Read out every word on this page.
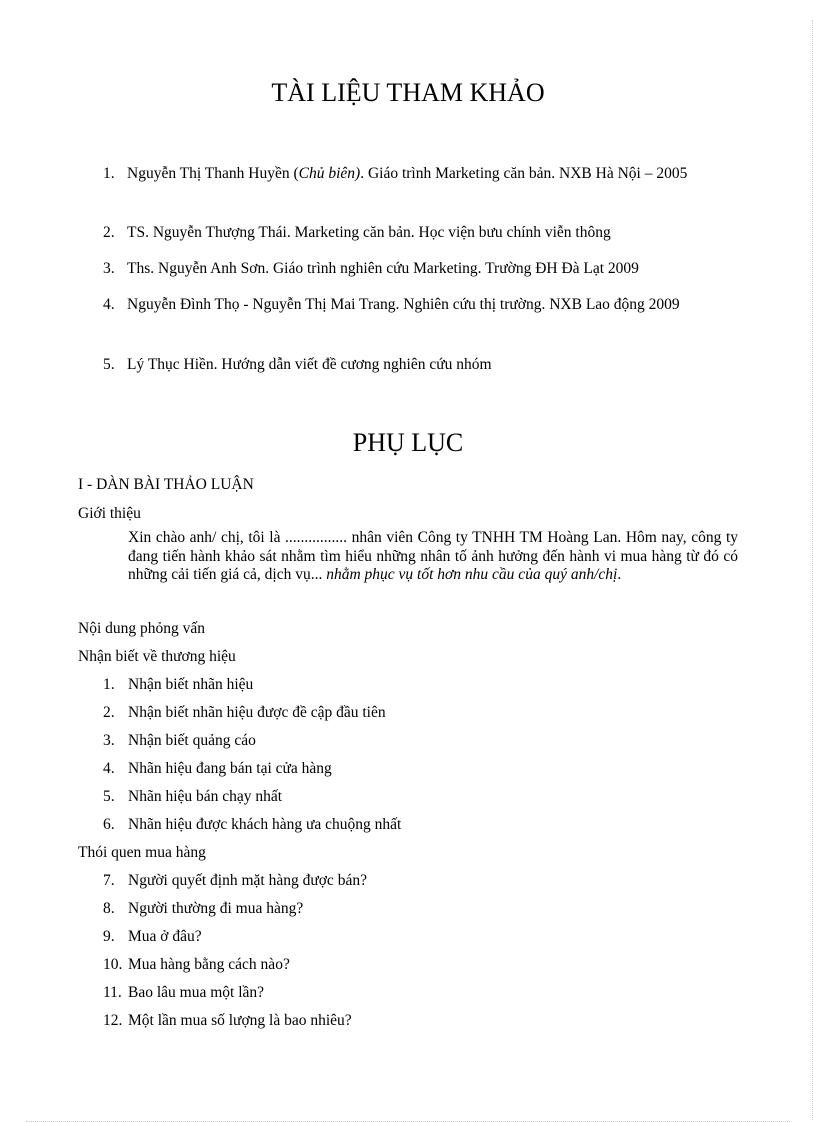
TÀI LIỆU THAM KHẢO
1. Nguyễn Thị Thanh Huyền (Chủ biên). Giáo trình Marketing căn bản. NXB Hà Nội – 2005
2. TS. Nguyễn Thượng Thái. Marketing căn bản. Học viện bưu chính viễn thông
3. Ths. Nguyễn Anh Sơn. Giáo trình nghiên cứu Marketing. Trường ĐH Đà Lạt 2009
4. Nguyễn Đình Thọ - Nguyễn Thị Mai Trang. Nghiên cứu thị trường. NXB Lao động 2009
5. Lý Thục Hiền. Hướng dẫn viết đề cương nghiên cứu nhóm
PHỤ LỤC
I - DÀN BÀI THẢO LUẬN
Giới thiệu
Xin chào anh/ chị, tôi là ................ nhân viên Công ty TNHH TM Hoàng Lan. Hôm nay, công ty đang tiến hành khảo sát nhằm tìm hiểu những nhân tố ảnh hưởng đến hành vi mua hàng từ đó có những cải tiến giá cả, dịch vụ... nhằm phục vụ tốt hơn nhu cầu của quý anh/chị.
Nội dung phỏng vấn
Nhận biết về thương hiệu
1. Nhận biết nhãn hiệu
2. Nhận biết nhãn hiệu được đề cập đầu tiên
3. Nhận biết quảng cáo
4. Nhãn hiệu đang bán tại cửa hàng
5. Nhãn hiệu bán chạy nhất
6. Nhãn hiệu được khách hàng ưa chuộng nhất
Thói quen mua hàng
7. Người quyết định mặt hàng được bán?
8. Người thường đi mua hàng?
9. Mua ở đâu?
10. Mua hàng bằng cách nào?
11. Bao lâu mua một lần?
12. Một lần mua số lượng là bao nhiêu?
